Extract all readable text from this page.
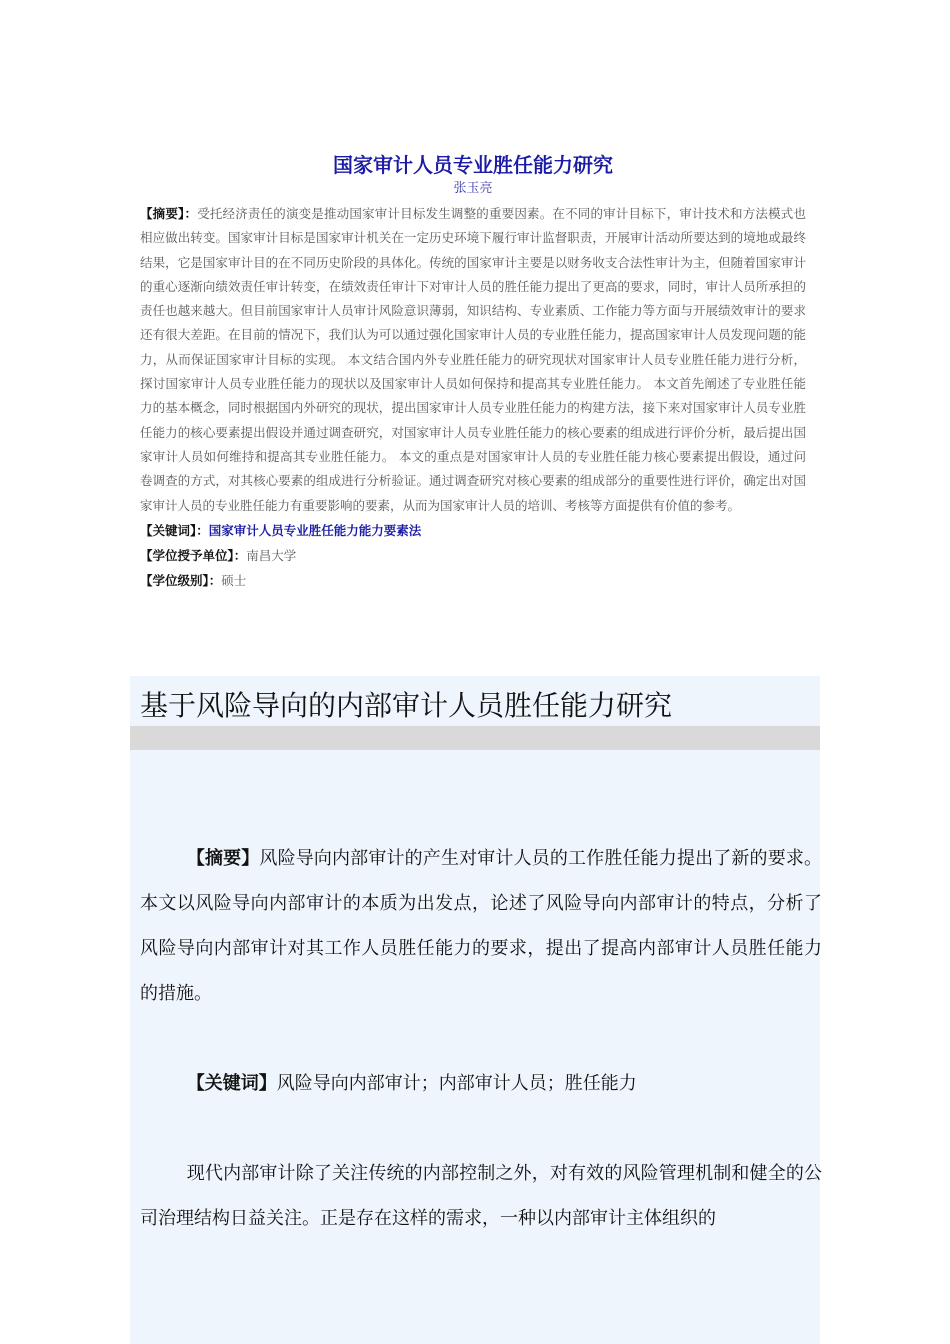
国家审计人员专业胜任能力研究
张玉亮

【摘要】：受托经济责任的演变是推动国家审计目标发生调整的重要因素。在不同的审计目标下，审计技术和方法模式也相应做出转变。国家审计目标是国家审计机关在一定历史环境下履行审计监督职责，开展审计活动所要达到的境地或最终结果，它是国家审计目的在不同历史阶段的具体化。传统的国家审计主要是以财务收支合法性审计为主，但随着国家审计的重心逐渐向绩效责任审计转变，在绩效责任审计下对审计人员的胜任能力提出了更高的要求，同时，审计人员所承担的责任也越来越大。但目前国家审计人员审计风险意识薄弱，知识结构、专业素质、工作能力等方面与开展绩效审计的要求还有很大差距。在目前的情况下，我们认为可以通过强化国家审计人员的专业胜任能力，提高国家审计人员发现问题的能力，从而保证国家审计目标的实现。 本文结合国内外专业胜任能力的研究现状对国家审计人员专业胜任能力进行分析，探讨国家审计人员专业胜任能力的现状以及国家审计人员如何保持和提高其专业胜任能力。 本文首先阐述了专业胜任能力的基本概念，同时根据国内外研究的现状，提出国家审计人员专业胜任能力的构建方法，接下来对国家审计人员专业胜任能力的核心要素提出假设并通过调查研究，对国家审计人员专业胜任能力的核心要素的组成进行评价分析，最后提出国家审计人员如何维持和提高其专业胜任能力。 本文的重点是对国家审计人员的专业胜任能力核心要素提出假设，通过问卷调查的方式，对其核心要素的组成进行分析验证。通过调查研究对核心要素的组成部分的重要性进行评价，确定出对国家审计人员的专业胜任能力有重要影响的要素，从而为国家审计人员的培训、考核等方面提供有价值的参考。

【关键词】：国家审计人员专业胜任能力能力要素法

【学位授予单位】：南昌大学

【学位级别】：硕士

基于风险导向的内部审计人员胜任能力研究

【摘要】风险导向内部审计的产生对审计人员的工作胜任能力提出了新的要求。本文以风险导向内部审计的本质为出发点，论述了风险导向内部审计的特点，分析了风险导向内部审计对其工作人员胜任能力的要求，提出了提高内部审计人员胜任能力的措施。

【关键词】风险导向内部审计；内部审计人员；胜任能力

现代内部审计除了关注传统的内部控制之外，对有效的风险管理机制和健全的公司治理结构日益关注。正是存在这样的需求，一种以内部审计主体组织的
